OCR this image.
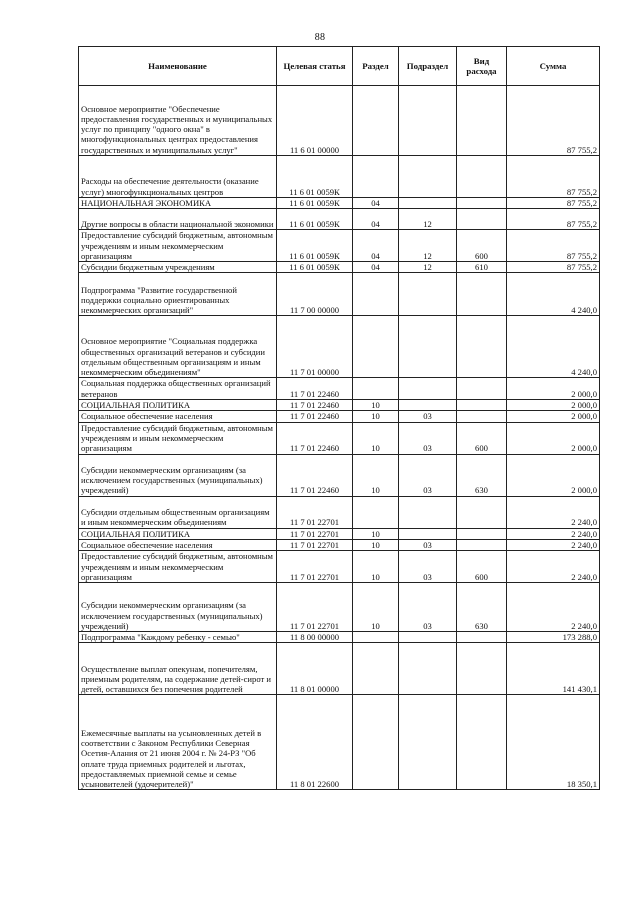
88
Наименование	Целевая статья	Раздел	Подраздел	Вид расхода	Сумма
Основное мероприятие "Обеспечение предоставления государственных и муниципальных услуг по принципу "одного окна" в многофункциональных центрах предоставления государственных и муниципальных услуг"	11 6 01 00000				87 755,2
Расходы на обеспечение деятельности (оказание услуг) многофункциональных центров	11 6 01 0059К				87 755,2
НАЦИОНАЛЬНАЯ ЭКОНОМИКА	11 6 01 0059К	04			87 755,2
Другие вопросы в области национальной экономики	11 6 01 0059К	04	12		87 755,2
Предоставление субсидий бюджетным, автономным учреждениям и иным некоммерческим организациям	11 6 01 0059К	04	12	600	87 755,2
Субсидии бюджетным учреждениям	11 6 01 0059К	04	12	610	87 755,2
Подпрограмма "Развитие государственной поддержки социально ориентированных некоммерческих организаций"	11 7 00 00000				4 240,0
Основное мероприятие "Социальная поддержка общественных организаций ветеранов и субсидии отдельным общественным организациям и иным некоммерческим объединениям"	11 7 01 00000				4 240,0
Социальная поддержка общественных организаций ветеранов	11 7 01 22460				2 000,0
СОЦИАЛЬНАЯ ПОЛИТИКА	11 7 01 22460	10			2 000,0
Социальное обеспечение населения	11 7 01 22460	10	03		2 000,0
Предоставление субсидий бюджетным, автономным учреждениям и иным некоммерческим организациям	11 7 01 22460	10	03	600	2 000,0
Субсидии некоммерческим организациям (за исключением государственных (муниципальных) учреждений)	11 7 01 22460	10	03	630	2 000,0
Субсидии отдельным общественным организациям и иным некоммерческим объединениям	11 7 01 22701				2 240,0
СОЦИАЛЬНАЯ ПОЛИТИКА	11 7 01 22701	10			2 240,0
Социальное обеспечение населения	11 7 01 22701	10	03		2 240,0
Предоставление субсидий бюджетным, автономным учреждениям и иным некоммерческим организациям	11 7 01 22701	10	03	600	2 240,0
Субсидии некоммерческим организациям (за исключением государственных (муниципальных) учреждений)	11 7 01 22701	10	03	630	2 240,0
Подпрограмма "Каждому ребенку - семью"	11 8 00 00000				173 288,0
Осуществление выплат опекунам, попечителям, приемным родителям, на содержание детей-сирот и детей, оставшихся без попечения родителей	11 8 01 00000				141 430,1
Ежемесячные выплаты на усыновленных детей в соответствии с Законом Республики Северная Осетия-Алания от 21 июня 2004 г. № 24-РЗ "Об оплате труда приемных родителей и льготах, предоставляемых приемной семье и семье усыновителей (удочерителей)"	11 8 01 22600				18 350,1
